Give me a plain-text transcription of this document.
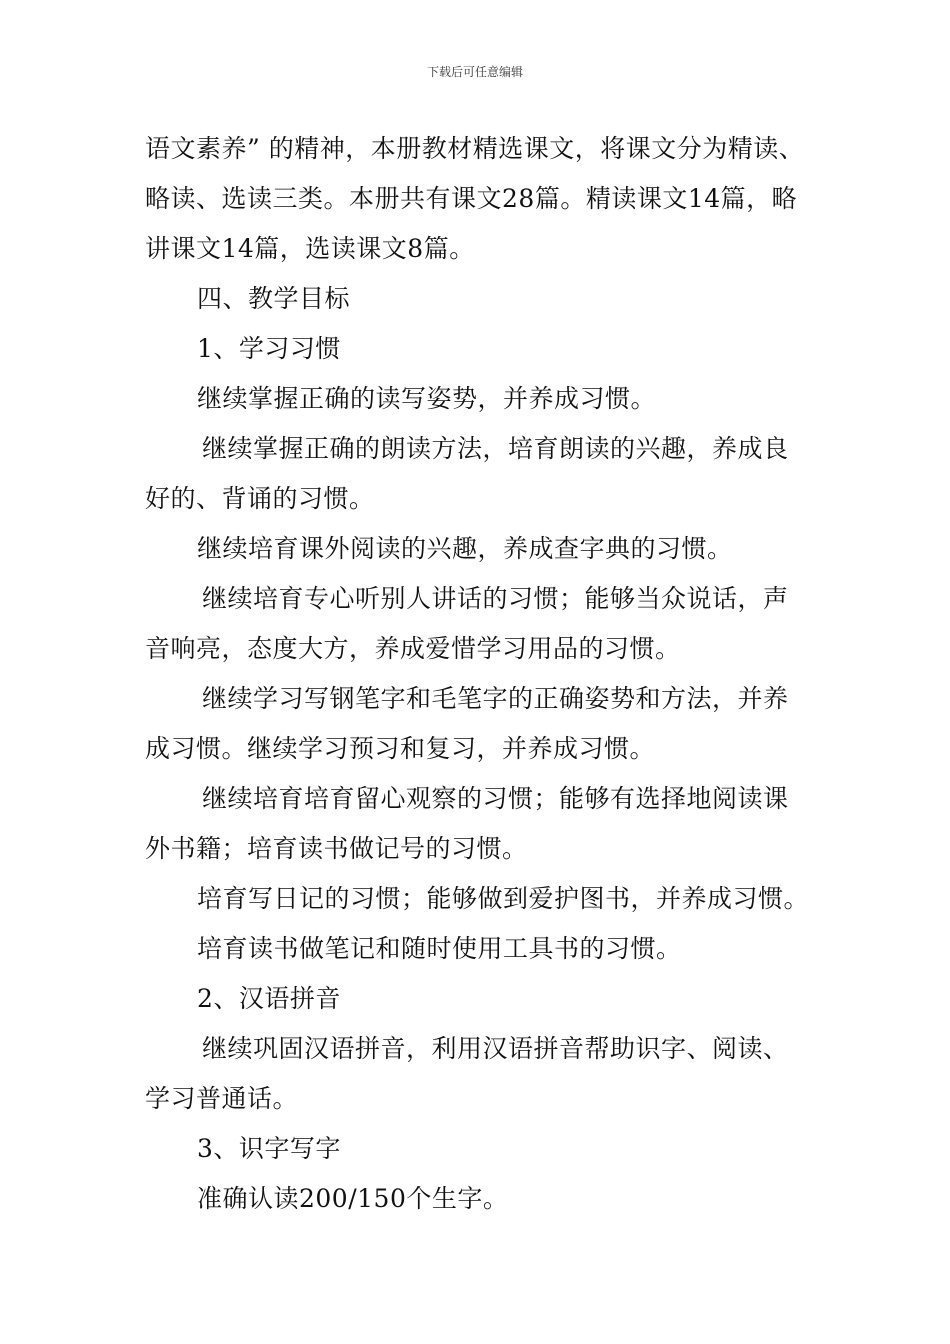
下载后可任意编辑

语文素养” 的精神，本册教材精选课文，将课文分为精读、

略读、选读三类。本册共有课文28篇。精读课文14篇，略

讲课文14篇，选读课文8篇。

四、教学目标

1、学习习惯

继续掌握正确的读写姿势，并养成习惯。

继续掌握正确的朗读方法，培育朗读的兴趣，养成良

好的、背诵的习惯。

继续培育课外阅读的兴趣，养成查字典的习惯。

继续培育专心听别人讲话的习惯；能够当众说话，声

音响亮，态度大方，养成爱惜学习用品的习惯。

继续学习写钢笔字和毛笔字的正确姿势和方法，并养

成习惯。继续学习预习和复习，并养成习惯。

继续培育培育留心观察的习惯；能够有选择地阅读课

外书籍；培育读书做记号的习惯。

培育写日记的习惯；能够做到爱护图书，并养成习惯。

培育读书做笔记和随时使用工具书的习惯。

2、汉语拼音

继续巩固汉语拼音，利用汉语拼音帮助识字、阅读、

学习普通话。

3、识字写字

准确认读200/150个生字。
